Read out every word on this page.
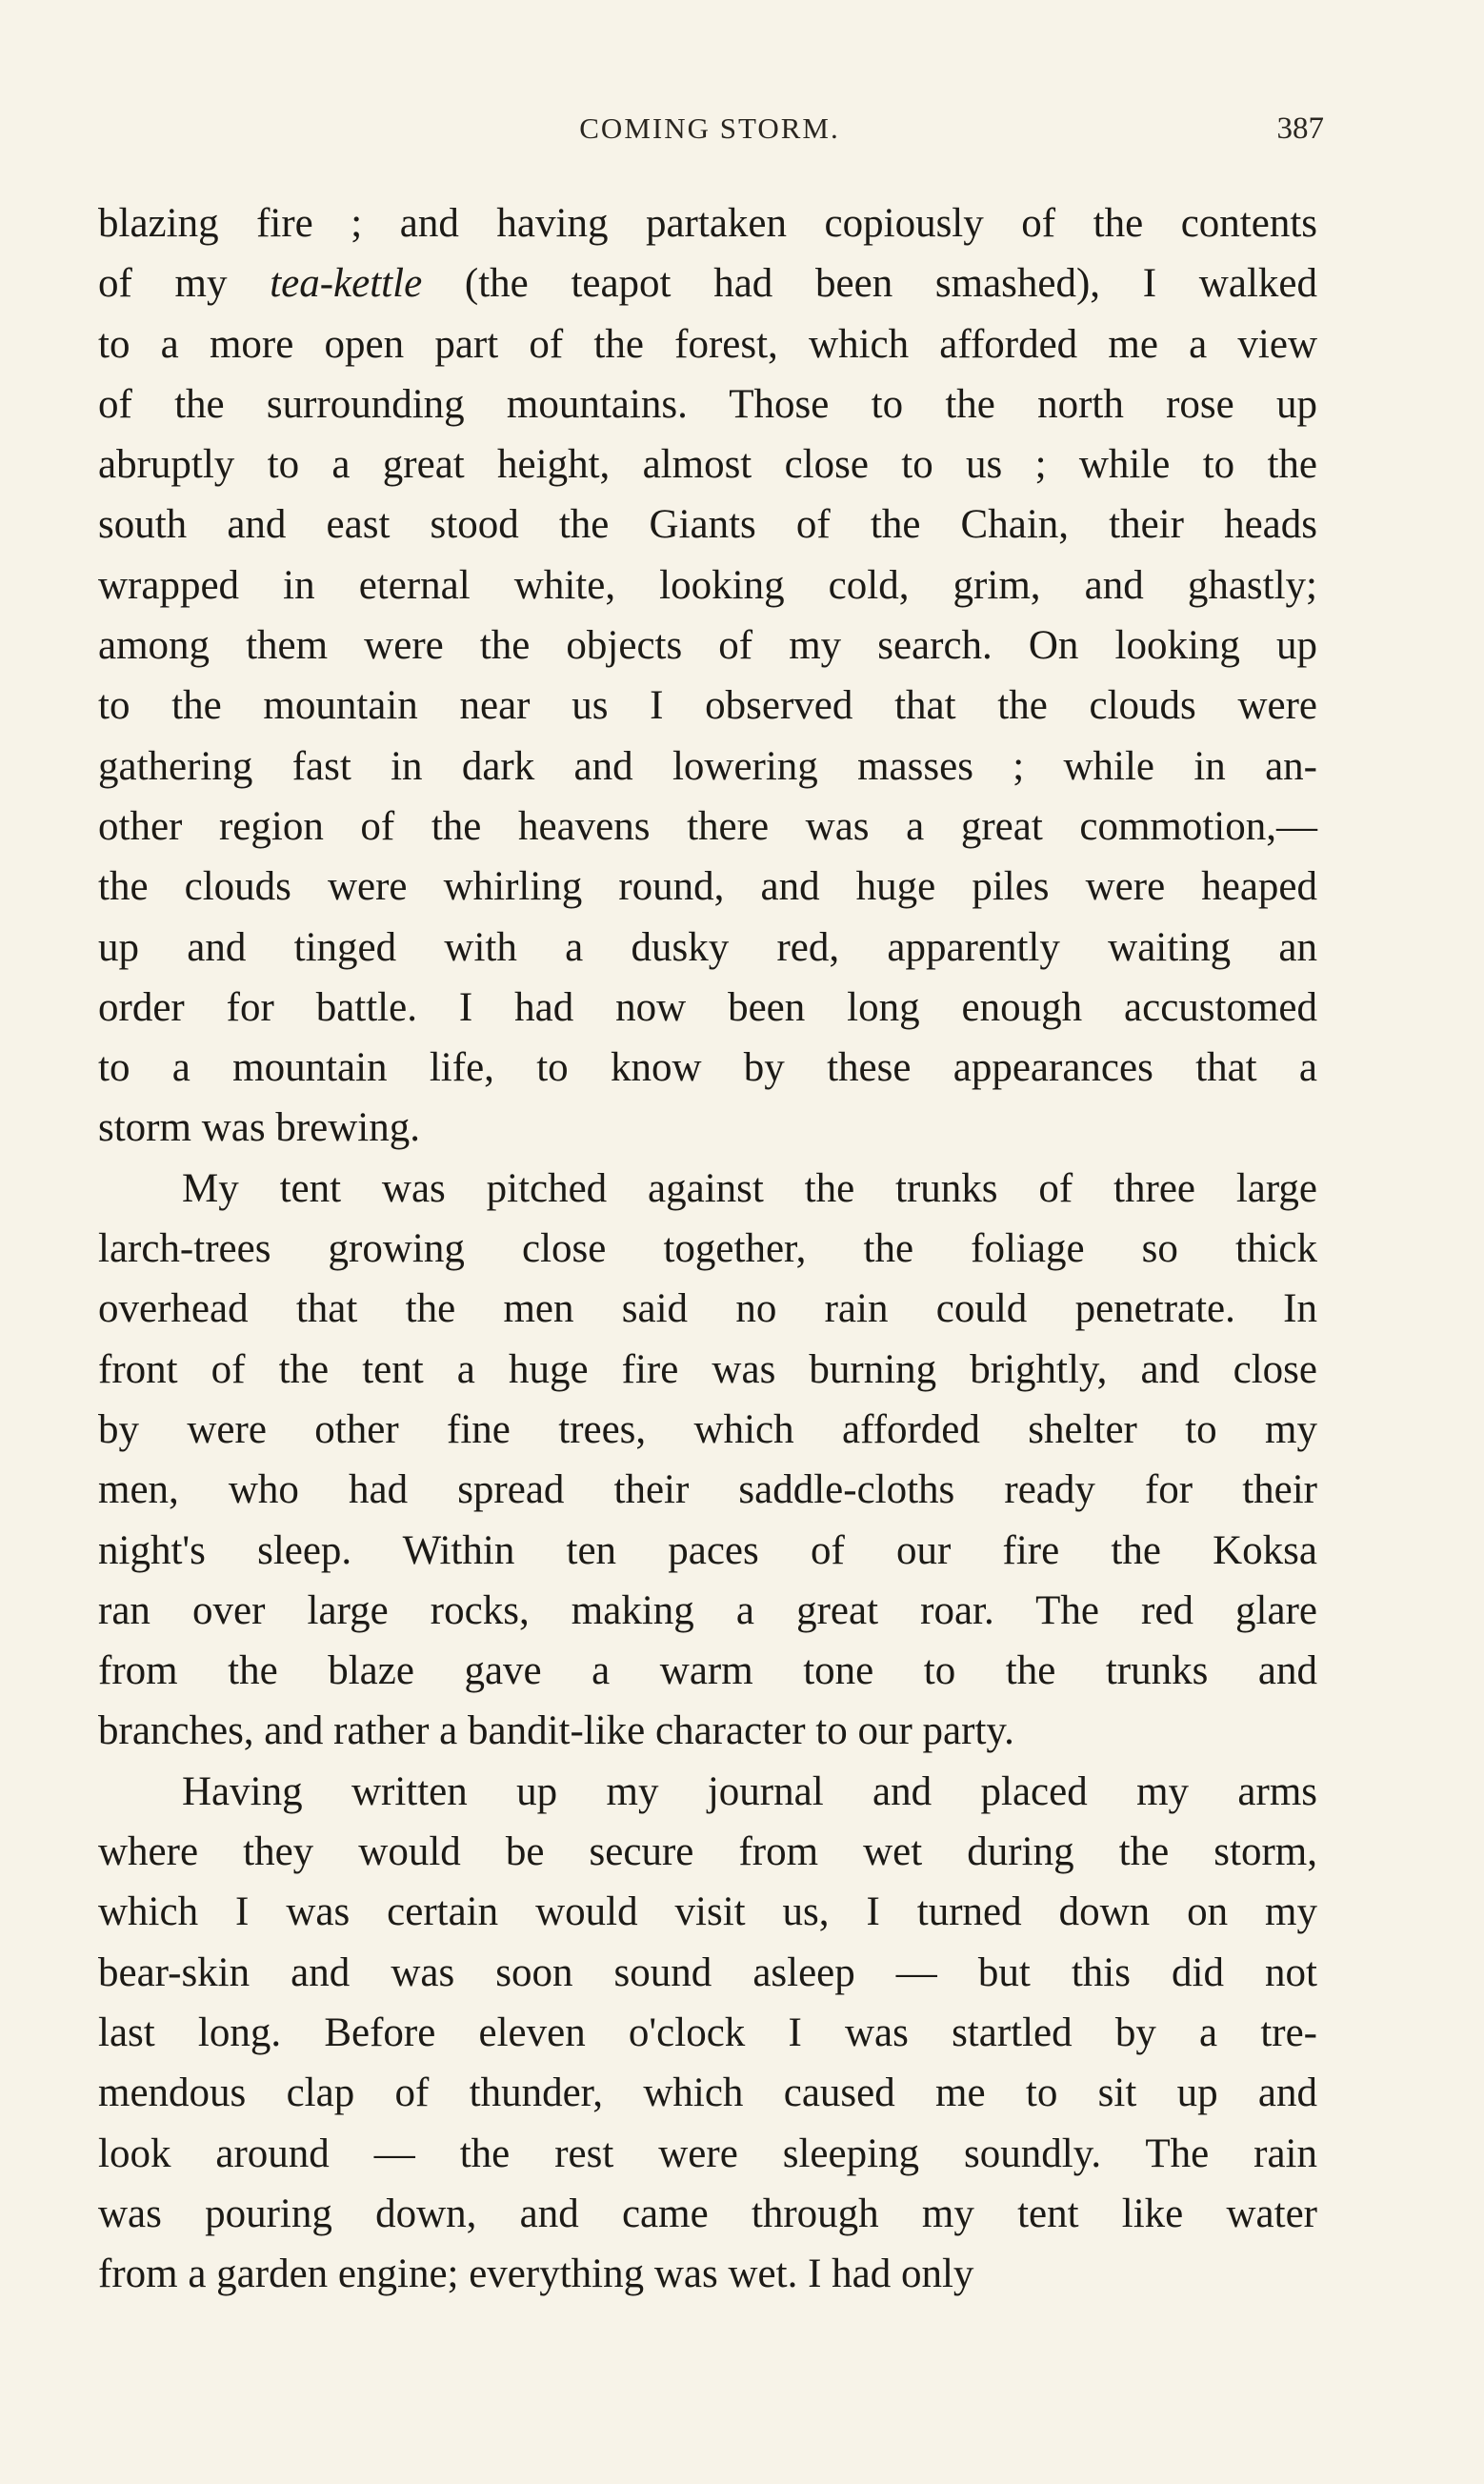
COMING STORM.	387
blazing fire ; and having partaken copiously of the contents
of my tea-kettle (the teapot had been smashed), I walked
to a more open part of the forest, which afforded me a view
of the surrounding mountains. Those to the north rose up
abruptly to a great height, almost close to us ; while to the
south and east stood the Giants of the Chain, their heads
wrapped in eternal white, looking cold, grim, and ghastly;
among them were the objects of my search. On looking up
to the mountain near us I observed that the clouds were
gathering fast in dark and lowering masses ; while in an-
other region of the heavens there was a great commotion,—
the clouds were whirling round, and huge piles were heaped
up and tinged with a dusky red, apparently waiting an
order for battle. I had now been long enough accustomed
to a mountain life, to know by these appearances that a
storm was brewing.
My tent was pitched against the trunks of three large
larch-trees growing close together, the foliage so thick
overhead that the men said no rain could penetrate. In
front of the tent a huge fire was burning brightly, and close
by were other fine trees, which afforded shelter to my
men, who had spread their saddle-cloths ready for their
night's sleep. Within ten paces of our fire the Koksa
ran over large rocks, making a great roar. The red glare
from the blaze gave a warm tone to the trunks and
branches, and rather a bandit-like character to our party.
Having written up my journal and placed my arms
where they would be secure from wet during the storm,
which I was certain would visit us, I turned down on my
bear-skin and was soon sound asleep — but this did not
last long. Before eleven o'clock I was startled by a tre-
mendous clap of thunder, which caused me to sit up and
look around — the rest were sleeping soundly. The rain
was pouring down, and came through my tent like water
from a garden engine; everything was wet. I had only
